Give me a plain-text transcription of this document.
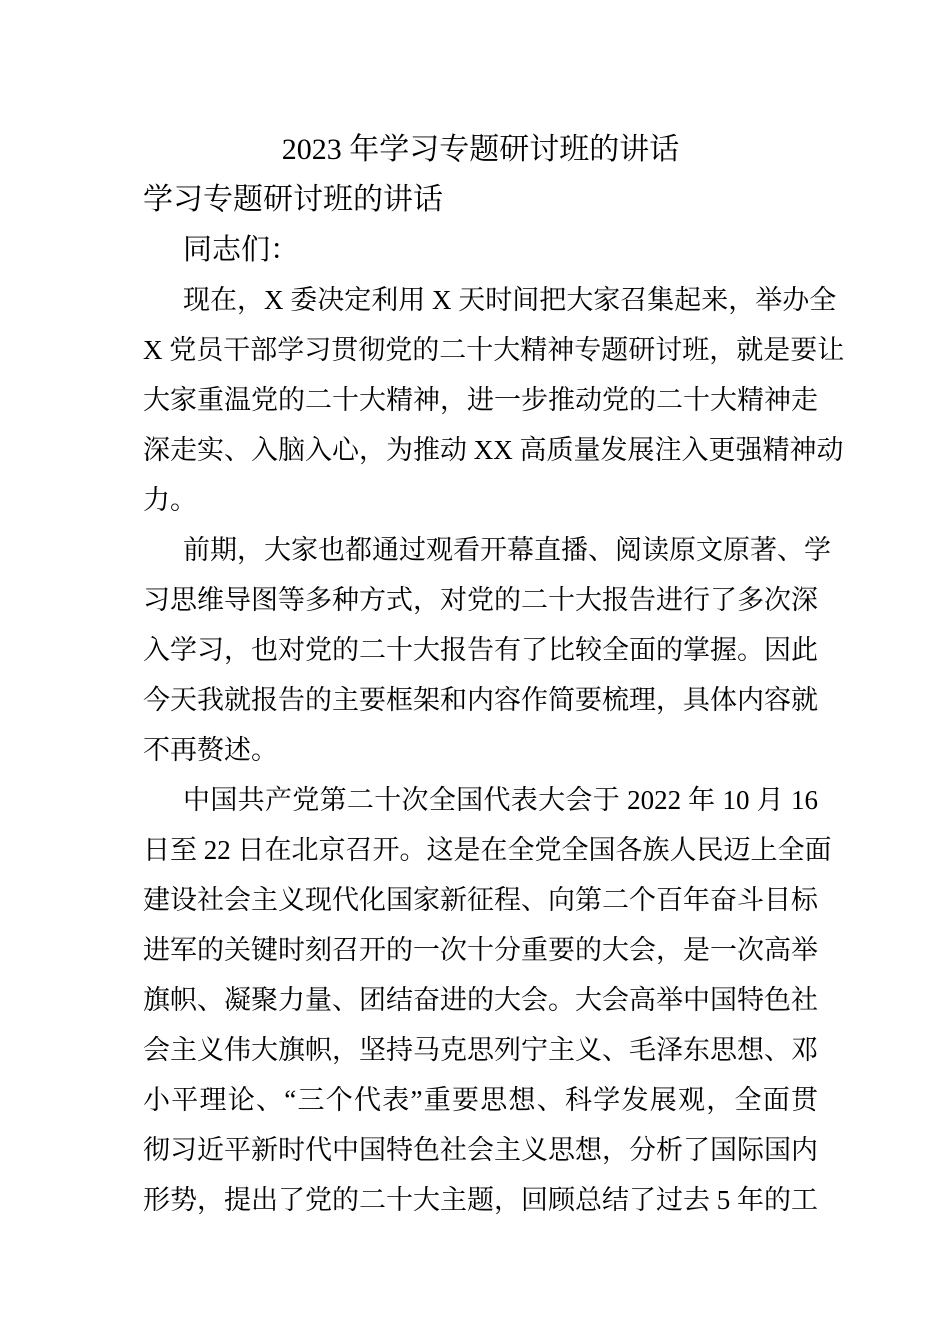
2023 年学习专题研讨班的讲话
学习专题研讨班的讲话
同志们：
现在，X 委决定利用 X 天时间把大家召集起来，举办全
X 党员干部学习贯彻党的二十大精神专题研讨班，就是要让
大家重温党的二十大精神，进一步推动党的二十大精神走
深走实、入脑入心，为推动 XX 高质量发展注入更强精神动
力。
前期，大家也都通过观看开幕直播、阅读原文原著、学
习思维导图等多种方式，对党的二十大报告进行了多次深
入学习，也对党的二十大报告有了比较全面的掌握。因此
今天我就报告的主要框架和内容作简要梳理，具体内容就
不再赘述。
中国共产党第二十次全国代表大会于 2022 年 10 月 16
日至 22 日在北京召开。这是在全党全国各族人民迈上全面
建设社会主义现代化国家新征程、向第二个百年奋斗目标
进军的关键时刻召开的一次十分重要的大会，是一次高举
旗帜、凝聚力量、团结奋进的大会。大会高举中国特色社
会主义伟大旗帜，坚持马克思列宁主义、毛泽东思想、邓
小平理论、“三个代表”重要思想、科学发展观，全面贯
彻习近平新时代中国特色社会主义思想，分析了国际国内
形势，提出了党的二十大主题，回顾总结了过去 5 年的工
